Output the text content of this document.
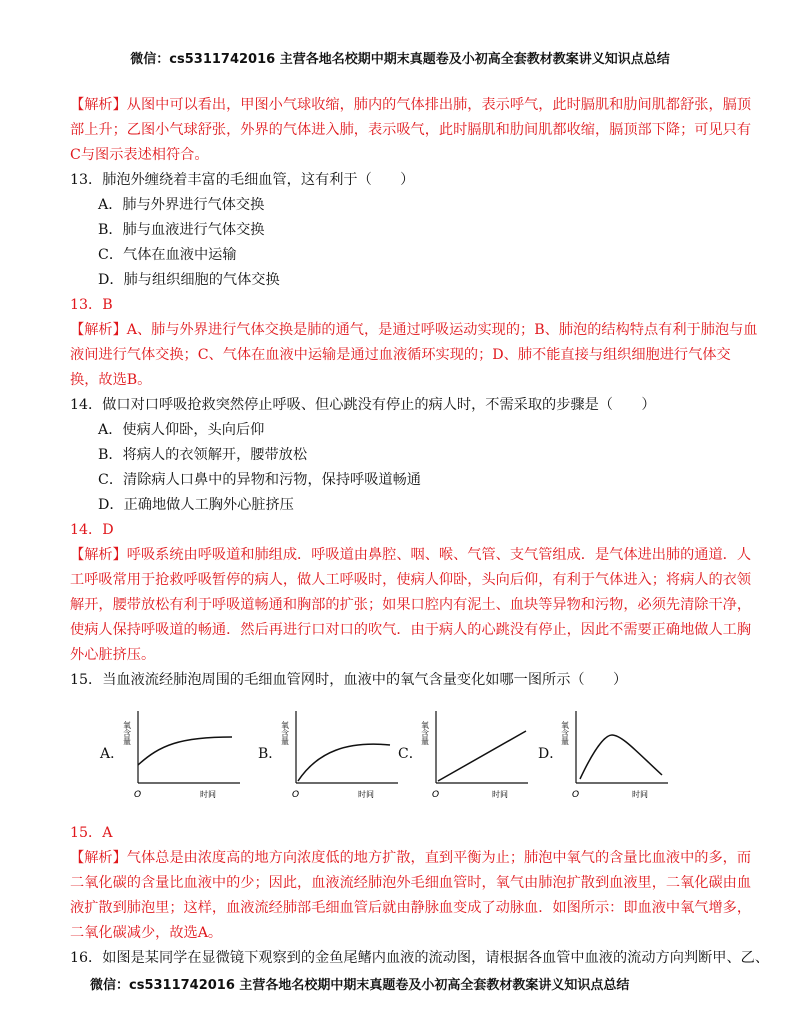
微信：cs5311742016 主营各地名校期中期末真题卷及小初高全套教材教案讲义知识点总结
【解析】从图中可以看出，甲图小气球收缩，肺内的气体排出肺，表示呼气，此时膈肌和肋间肌都舒张，膈顶
部上升；乙图小气球舒张，外界的气体进入肺，表示吸气，此时膈肌和肋间肌都收缩，膈顶部下降；可见只有
C与图示表述相符合。
13．肺泡外缠绕着丰富的毛细血管，这有利于（　　）
A．肺与外界进行气体交换
B．肺与血液进行气体交换
C．气体在血液中运输
D．肺与组织细胞的气体交换
13．B
【解析】A、肺与外界进行气体交换是肺的通气，是通过呼吸运动实现的；B、肺泡的结构特点有利于肺泡与血
液间进行气体交换；C、气体在血液中运输是通过血液循环实现的；D、肺不能直接与组织细胞进行气体交
换，故选B。
14．做口对口呼吸抢救突然停止呼吸、但心跳没有停止的病人时，不需采取的步骤是（　　）
A．使病人仰卧，头向后仰
B．将病人的衣领解开，腰带放松
C．清除病人口鼻中的异物和污物，保持呼吸道畅通
D．正确地做人工胸外心脏挤压
14．D
【解析】呼吸系统由呼吸道和肺组成．呼吸道由鼻腔、咽、喉、气管、支气管组成．是气体进出肺的通道．人
工呼吸常用于抢救呼吸暂停的病人，做人工呼吸时，使病人仰卧，头向后仰，有利于气体进入；将病人的衣领
解开，腰带放松有利于呼吸道畅通和胸部的扩张；如果口腔内有泥土、血块等异物和污物，必须先清除干净，
使病人保持呼吸道的畅通．然后再进行口对口的吹气．由于病人的心跳没有停止，因此不需要正确地做人工胸
外心脏挤压。
15．当血液流经肺泡周围的毛细血管网时，血液中的氧气含量变化如哪一图所示（　　）
A．
氧含量
O	时间
B．
氧含量
O	时间
C．
氧含量
O	时间
D．
氧含量
O	时间
15．A
【解析】气体总是由浓度高的地方向浓度低的地方扩散，直到平衡为止；肺泡中氧气的含量比血液中的多，而
二氧化碳的含量比血液中的少；因此，血液流经肺泡外毛细血管时，氧气由肺泡扩散到血液里，二氧化碳由血
液扩散到肺泡里；这样，血液流经肺部毛细血管后就由静脉血变成了动脉血．如图所示：即血液中氧气增多，
二氧化碳减少，故选A。
16．如图是某同学在显微镜下观察到的金鱼尾鳍内血液的流动图，请根据各血管中血液的流动方向判断甲、乙、
微信：cs5311742016 主营各地名校期中期末真题卷及小初高全套教材教案讲义知识点总结
